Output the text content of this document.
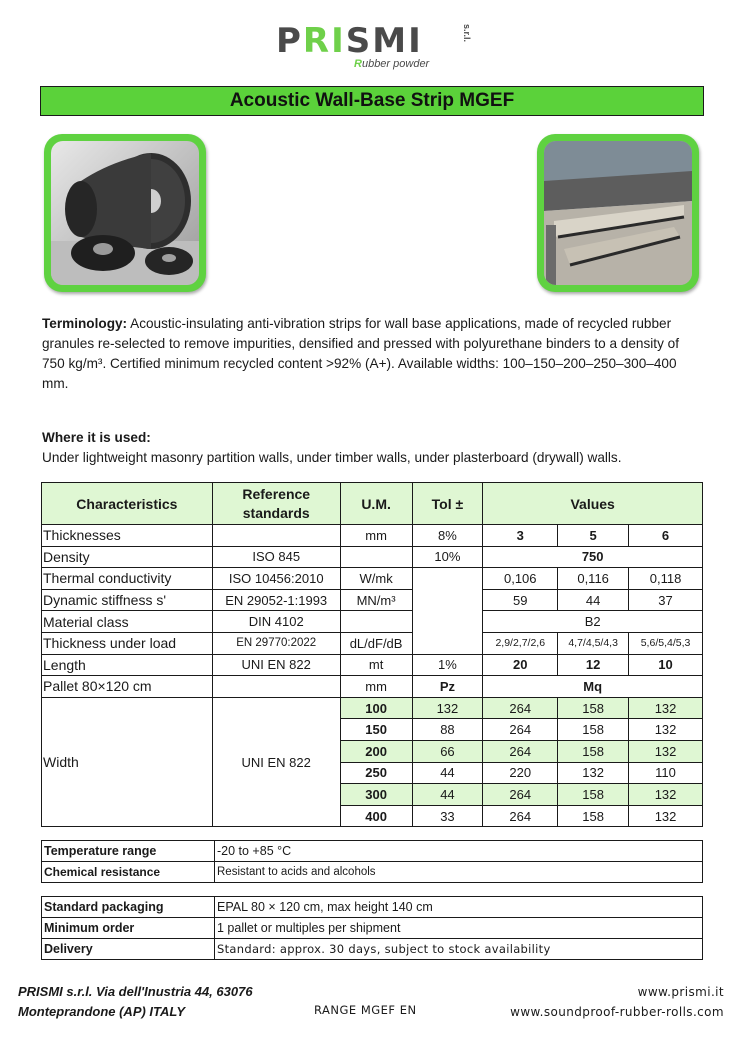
PRISMI	s.r.l.
Rubber powder
Acoustic Wall-Base Strip MGEF
Terminology: Acoustic-insulating anti-vibration strips for wall base applications, made of recycled rubber granules re-selected to remove impurities, densified and pressed with polyurethane binders to a density of 750 kg/m³. Certified minimum recycled content >92% (A+). Available widths: 100–150–200–250–300–400 mm.
Where it is used:
Under lightweight masonry partition walls, under timber walls, under plasterboard (drywall) walls.
Characteristics	Reference standards	U.M.	Tol ±	Values		
Thicknesses		mm	8%	3	5	6
Density	ISO 845		10%	750		
Thermal conductivity	ISO 10456:2010	W/mk		0,106	0,116	0,118
Dynamic stiffness s'	EN 29052-1:1993	MN/m³		59	44	37
Material class	DIN 4102			B2		
Thickness under load	EN 29770:2022	dL/dF/dB		2,9/2,7/2,6	4,7/4,5/4,3	5,6/5,4/5,3
Length	UNI EN 822	mt	1%	20	12	10
Pallet 80×120 cm		mm	Pz	Mq		
Width	UNI EN 822	100	132	264	158	132
		150	88	264	158	132
		200	66	264	158	132
		250	44	220	132	110
		300	44	264	158	132
		400	33	264	158	132
Temperature range	-20 to +85 °C
Chemical resistance	Resistant to acids and alcohols
Standard packaging	EPAL 80 × 120 cm, max height 140 cm
Minimum order	1 pallet or multiples per shipment
Delivery	Standard: approx. 30 days, subject to stock availability
PRISMI s.r.l. Via dell'Inustria 44, 63076
Monteprandone (AP) ITALY	RANGE MGEF EN
www.prismi.it
www.soundproof-rubber-rolls.com
